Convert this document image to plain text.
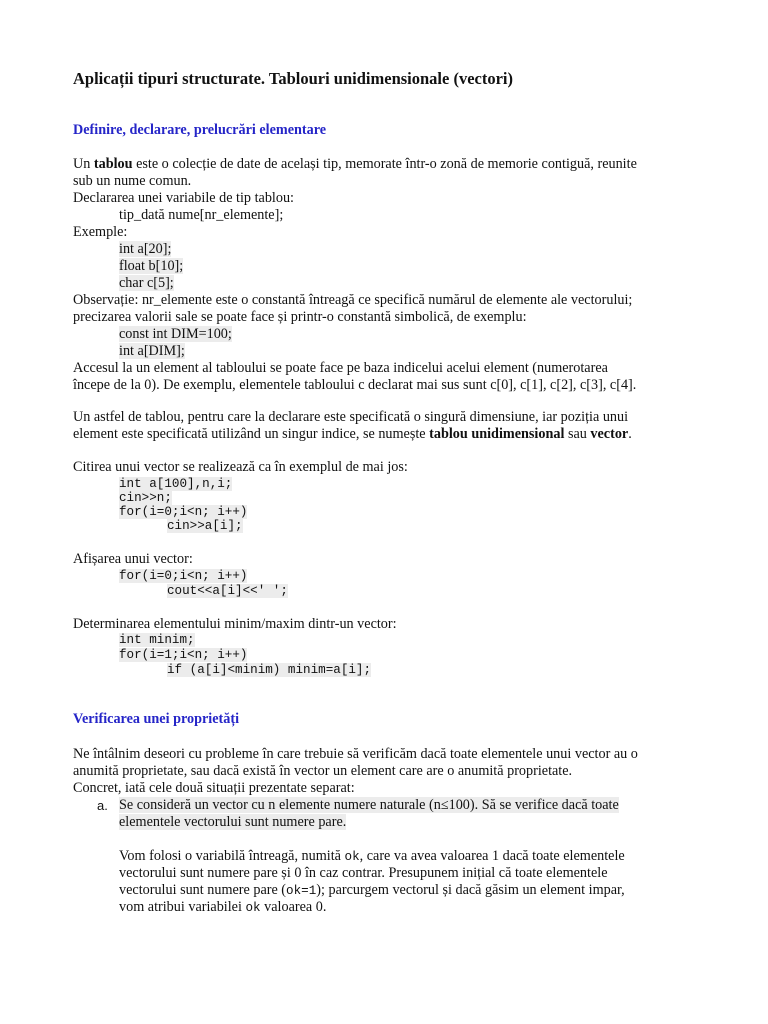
Aplicații tipuri structurate. Tablouri unidimensionale (vectori)
Definire, declarare, prelucrări elementare
Un tablou este o colecție de date de același tip, memorate într-o zonă de memorie contiguă, reunite
sub un nume comun.
Declararea unei variabile de tip tablou:
tip_dată nume[nr_elemente];
Exemple:
int a[20];
float b[10];
char c[5];
Observație: nr_elemente este o constantă întreagă ce specifică numărul de elemente ale vectorului;
precizarea valorii sale se poate face și printr-o constantă simbolică, de exemplu:
const int DIM=100;
int a[DIM];
Accesul la un element al tabloului se poate face pe baza indicelui acelui element (numerotarea
începe de la 0). De exemplu, elementele tabloului c declarat mai sus sunt c[0], c[1], c[2], c[3], c[4].
Un astfel de tablou, pentru care la declarare este specificată o singură dimensiune, iar poziția unui
element este specificată utilizând un singur indice, se numește tablou unidimensional sau vector.
Citirea unui vector se realizează ca în exemplul de mai jos:
int a[100],n,i;
cin>>n;
for(i=0;i<n; i++)
cin>>a[i];
Afișarea unui vector:
for(i=0;i<n; i++)
cout<<a[i]<<' ';
Determinarea elementului minim/maxim dintr-un vector:
int minim;
for(i=1;i<n; i++)
if (a[i]<minim) minim=a[i];
Verificarea unei proprietăți
Ne întâlnim deseori cu probleme în care trebuie să verificăm dacă toate elementele unui vector au o
anumită proprietate, sau dacă există în vector un element care are o anumită proprietate.
Concret, iată cele două situații prezentate separat:
a. Se consideră un vector cu n elemente numere naturale (n≤100). Să se verifice dacă toate
elementele vectorului sunt numere pare.
Vom folosi o variabilă întreagă, numită ok, care va avea valoarea 1 dacă toate elementele
vectorului sunt numere pare și 0 în caz contrar. Presupunem inițial că toate elementele
vectorului sunt numere pare (ok=1); parcurgem vectorul și dacă găsim un element impar,
vom atribui variabilei ok valoarea 0.
